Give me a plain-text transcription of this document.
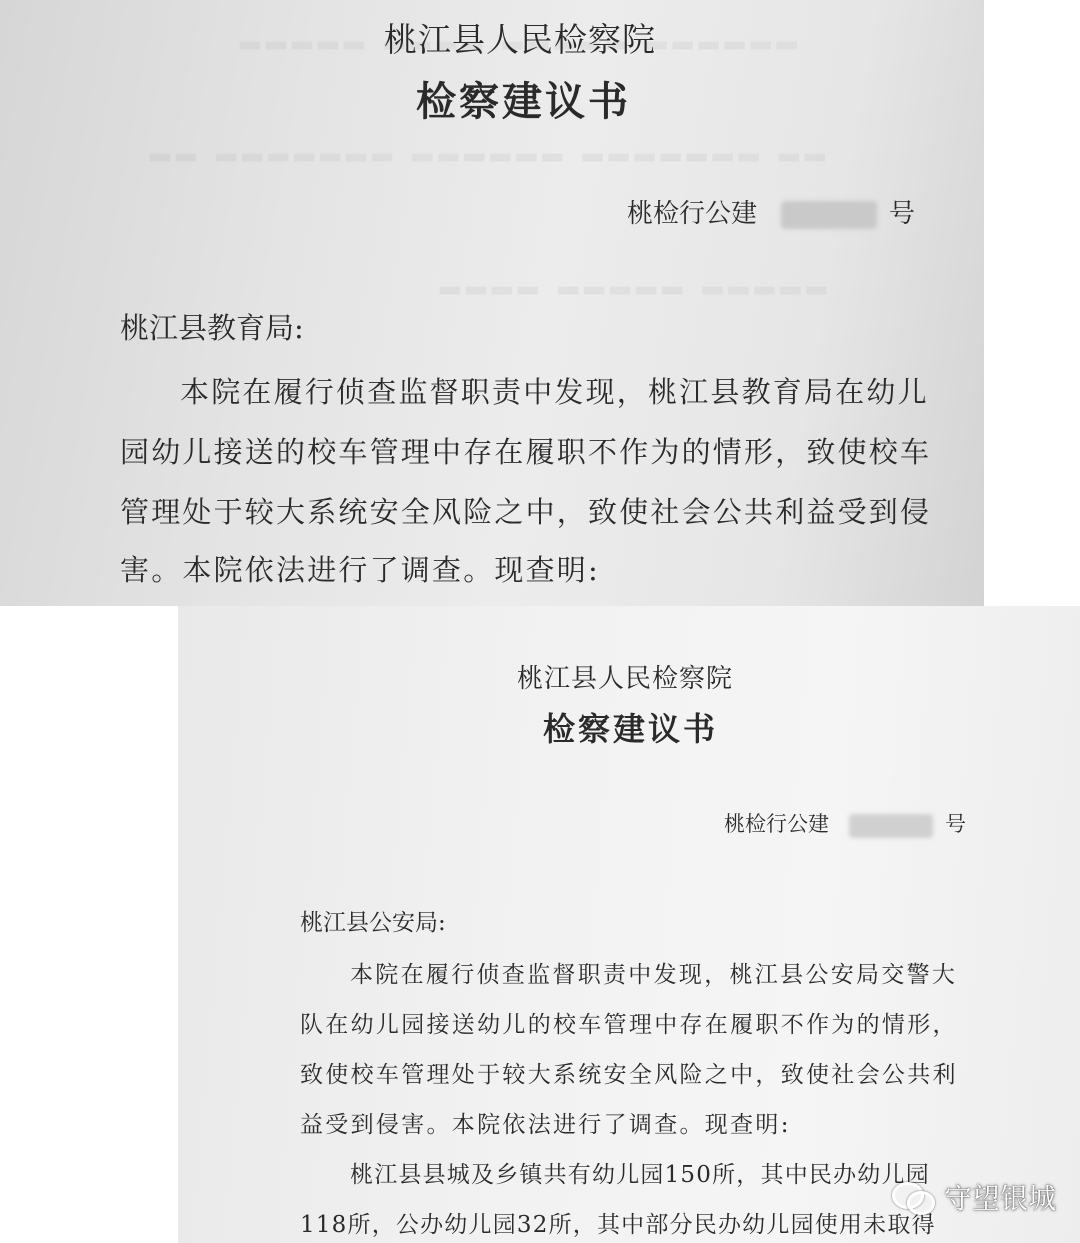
桃江县人民检察院
检察建议书
桃检行公建	号
桃江县教育局:
本院在履行侦查监督职责中发现，桃江县教育局在幼儿
园幼儿接送的校车管理中存在履职不作为的情形，致使校车
管理处于较大系统安全风险之中，致使社会公共利益受到侵
害。本院依法进行了调查。现查明:
桃江县人民检察院
检察建议书
桃检行公建	号
桃江县公安局:
本院在履行侦查监督职责中发现，桃江县公安局交警大
队在幼儿园接送幼儿的校车管理中存在履职不作为的情形，
致使校车管理处于较大系统安全风险之中，致使社会公共利
益受到侵害。本院依法进行了调查。现查明:
桃江县县城及乡镇共有幼儿园150所，其中民办幼儿园
118所，公办幼儿园32所，其中部分民办幼儿园使用未取得
守望银城
